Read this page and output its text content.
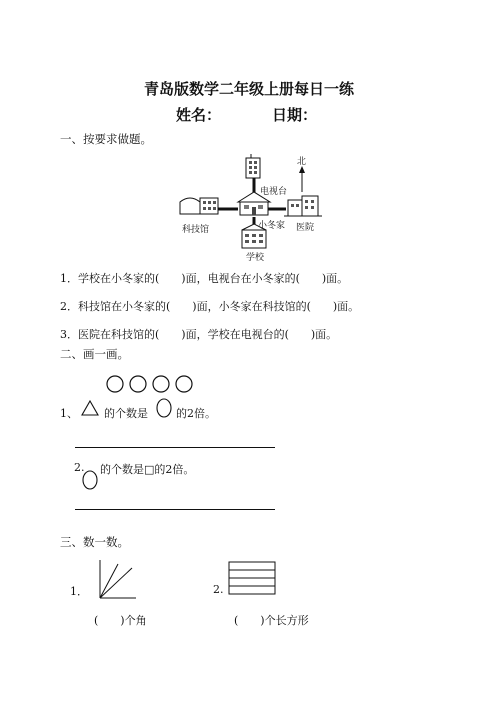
青岛版数学二年级上册每日一练
姓名：	日期：
一、按要求做题。
北
电视台
科技馆	小冬家 医院
学校
1．学校在小冬家的(　　)面，电视台在小冬家的(　　)面。
2．科技馆在小冬家的(　　)面，小冬家在科技馆的(　　)面。
3．医院在科技馆的(　　)面，学校在电视台的(　　)面。
二、画一画。
1、 的个数是	的2倍。
2. 的个数是□的2倍。
三、数一数。
1．	2.
(　　)个角	(　　)个长方形
